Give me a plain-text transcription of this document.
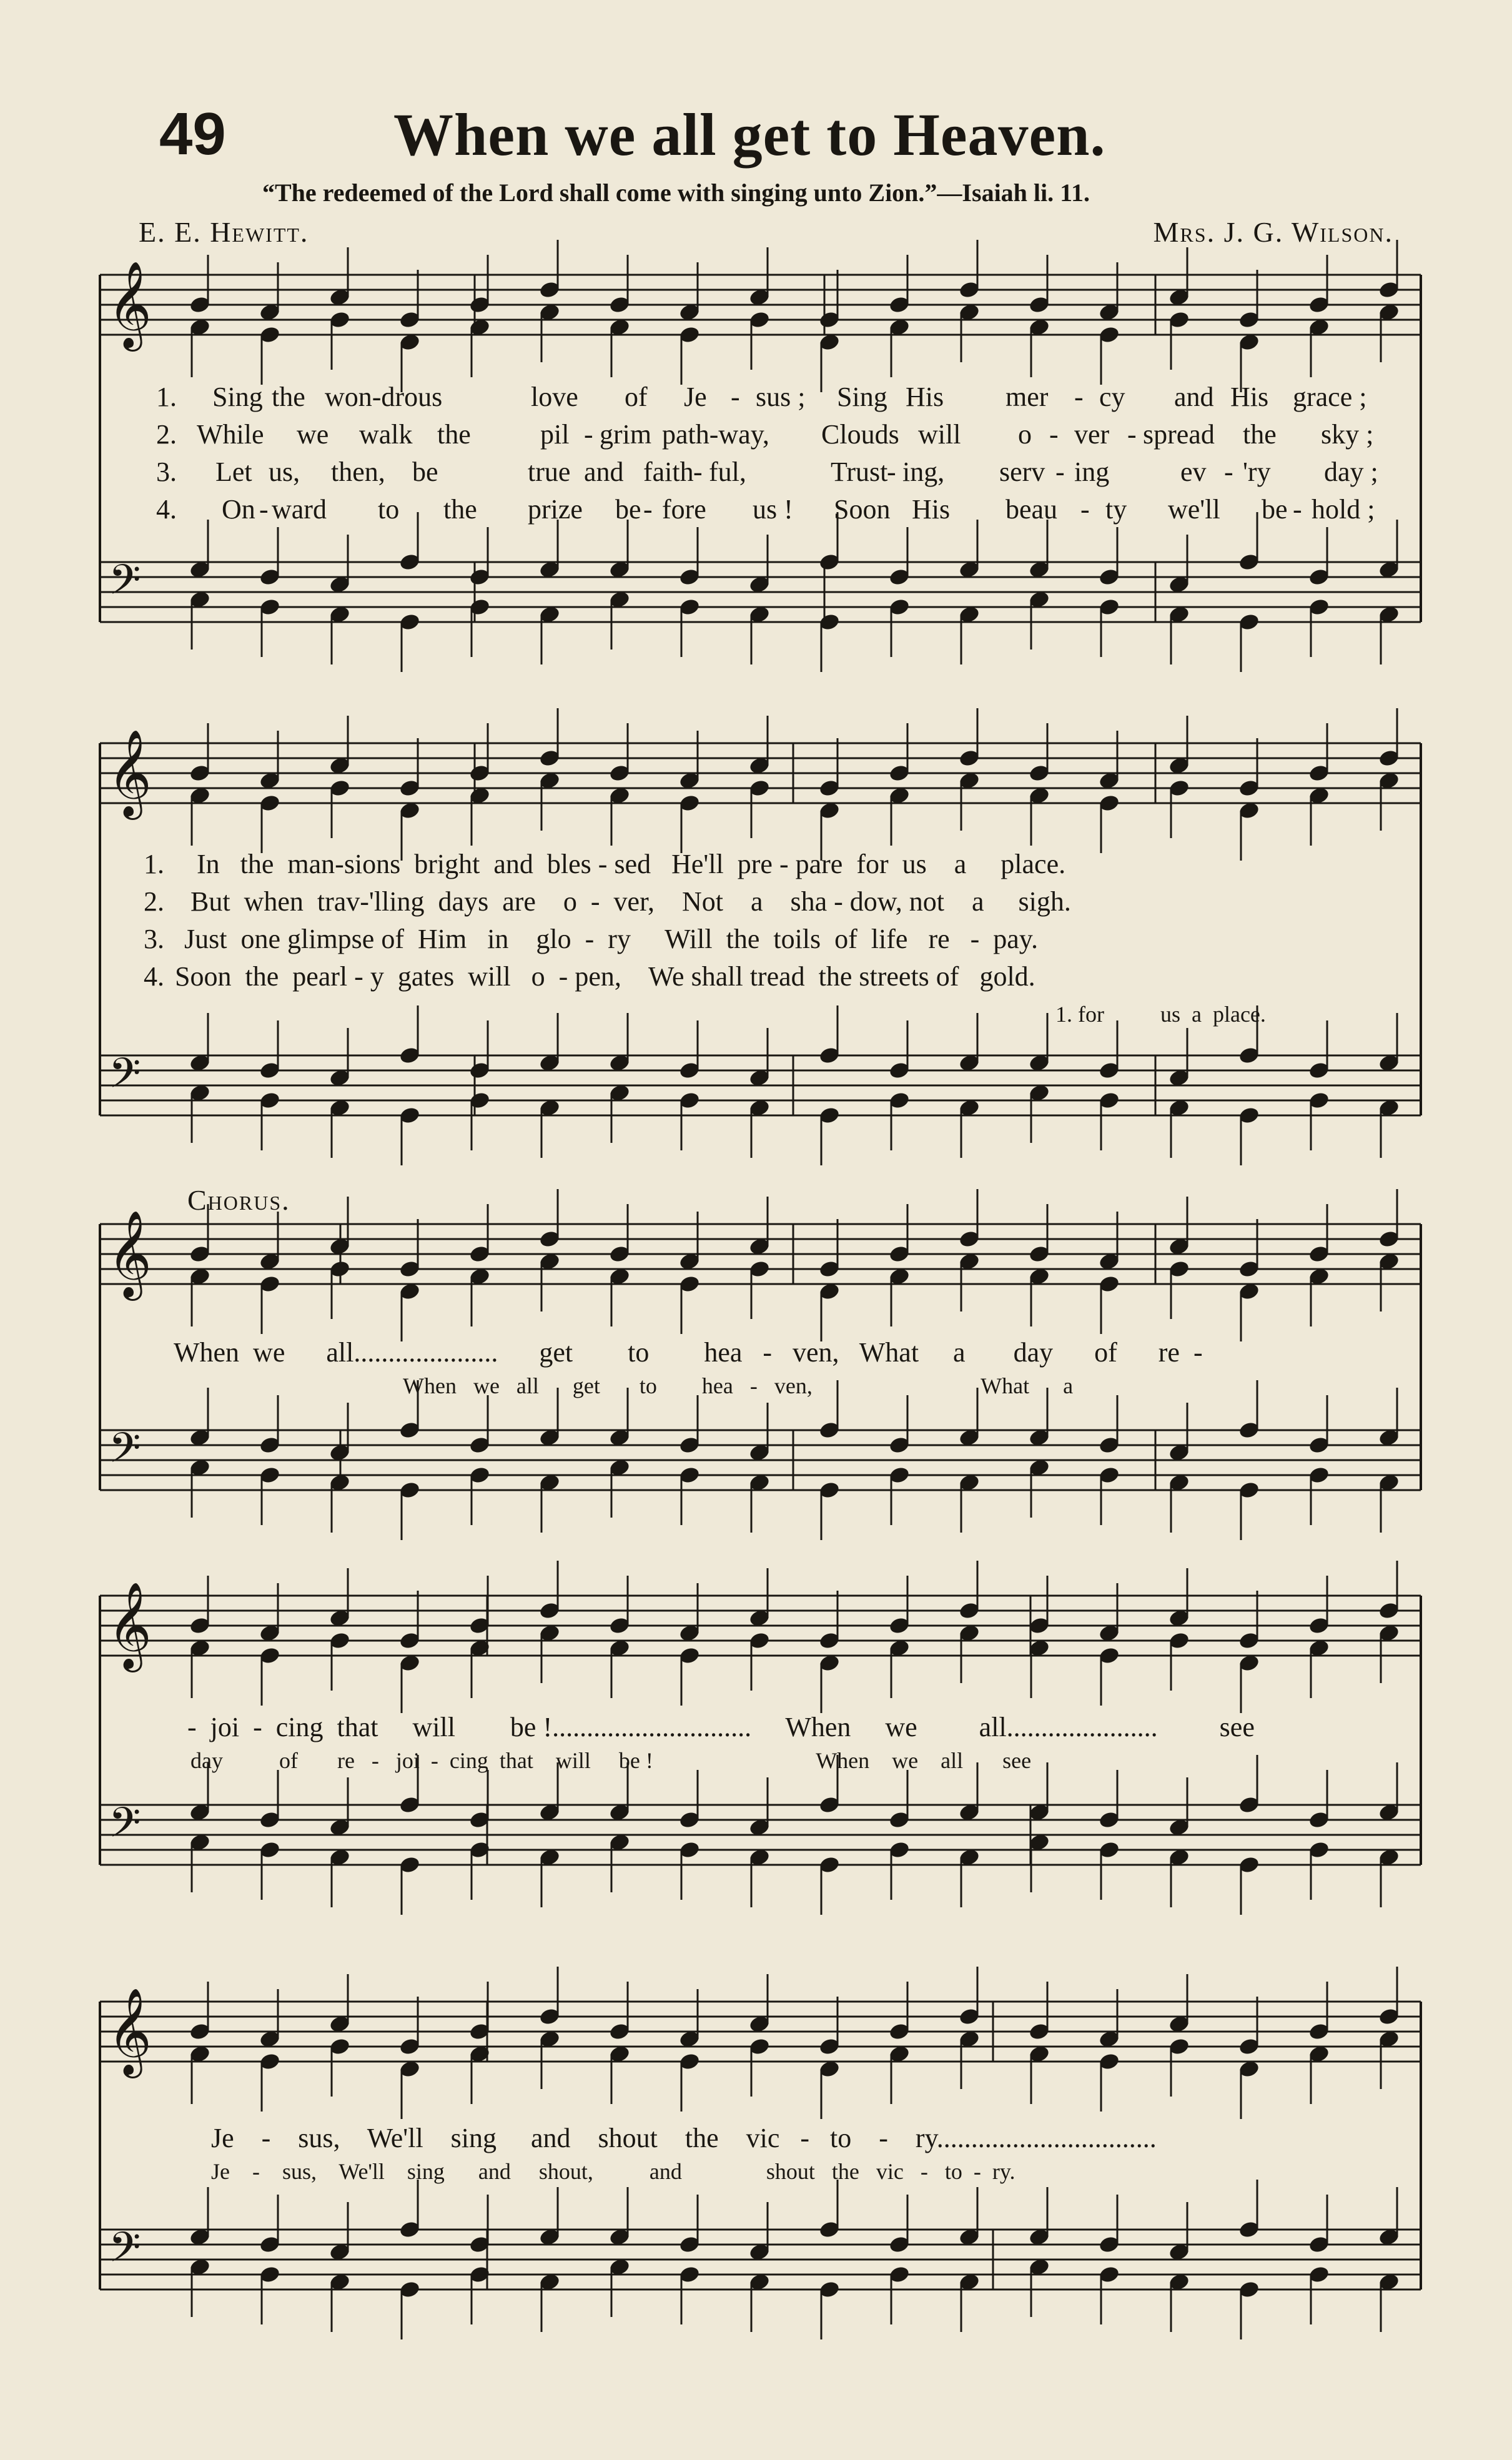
49	When we all get to Heaven.
“The redeemed of the Lord shall come with singing unto Zion.”—Isaiah li. 11.
E. E. Hewitt.	Mrs. J. G. Wilson.
𝄞
𝄢
𝄞
𝄢
𝄞
𝄢
𝄞
𝄢
𝄞
𝄢
1. Sing the won-drous	love of Je - sus ; Sing His mer - cy and His grace ;
2. While we walk the	pil - grim path-way, Clouds will o - ver - spread the sky ;
3. Let us, then, be	true and faith - ful,	Trust
- ing, serv - ing	ev - 'ry day ;
4. On - ward to the prize be - fore us ! Soon His beau - ty we'll be - hold ;
1. In   the  man-sions  bright  and  bles - sed   He'll  pre - pare  for  us    a     place.
2. But  when  trav-'lling  days  are    o  -  ver,    Not    a    sha - dow, not    a     sigh.
3. Just  one glimpse of  Him   in    glo  -  ry     Will  the  toils  of  life   re   -  pay.
4. Soon  the  pearl - y  gates  will   o  - pen,    We shall tread  the streets of   gold.
1. for          us  a  place.
Chorus.
When  we      all.....................      get        to        hea   -   ven,   What     a       day      of      re  -
When   we   all      get       to        hea   -   ven,                              What      a
-  joi  -  cing  that     will        be !.............................     When     we         all......................         see
day          of       re   -   joi  -  cing  that    will     be !                             When    we    all       see
Je    -    sus,    We'll    sing     and    shout    the    vic   -   to    -    ry................................
Je    -    sus,    We'll    sing      and     shout,          and               shout   the   vic   -   to  -  ry.
